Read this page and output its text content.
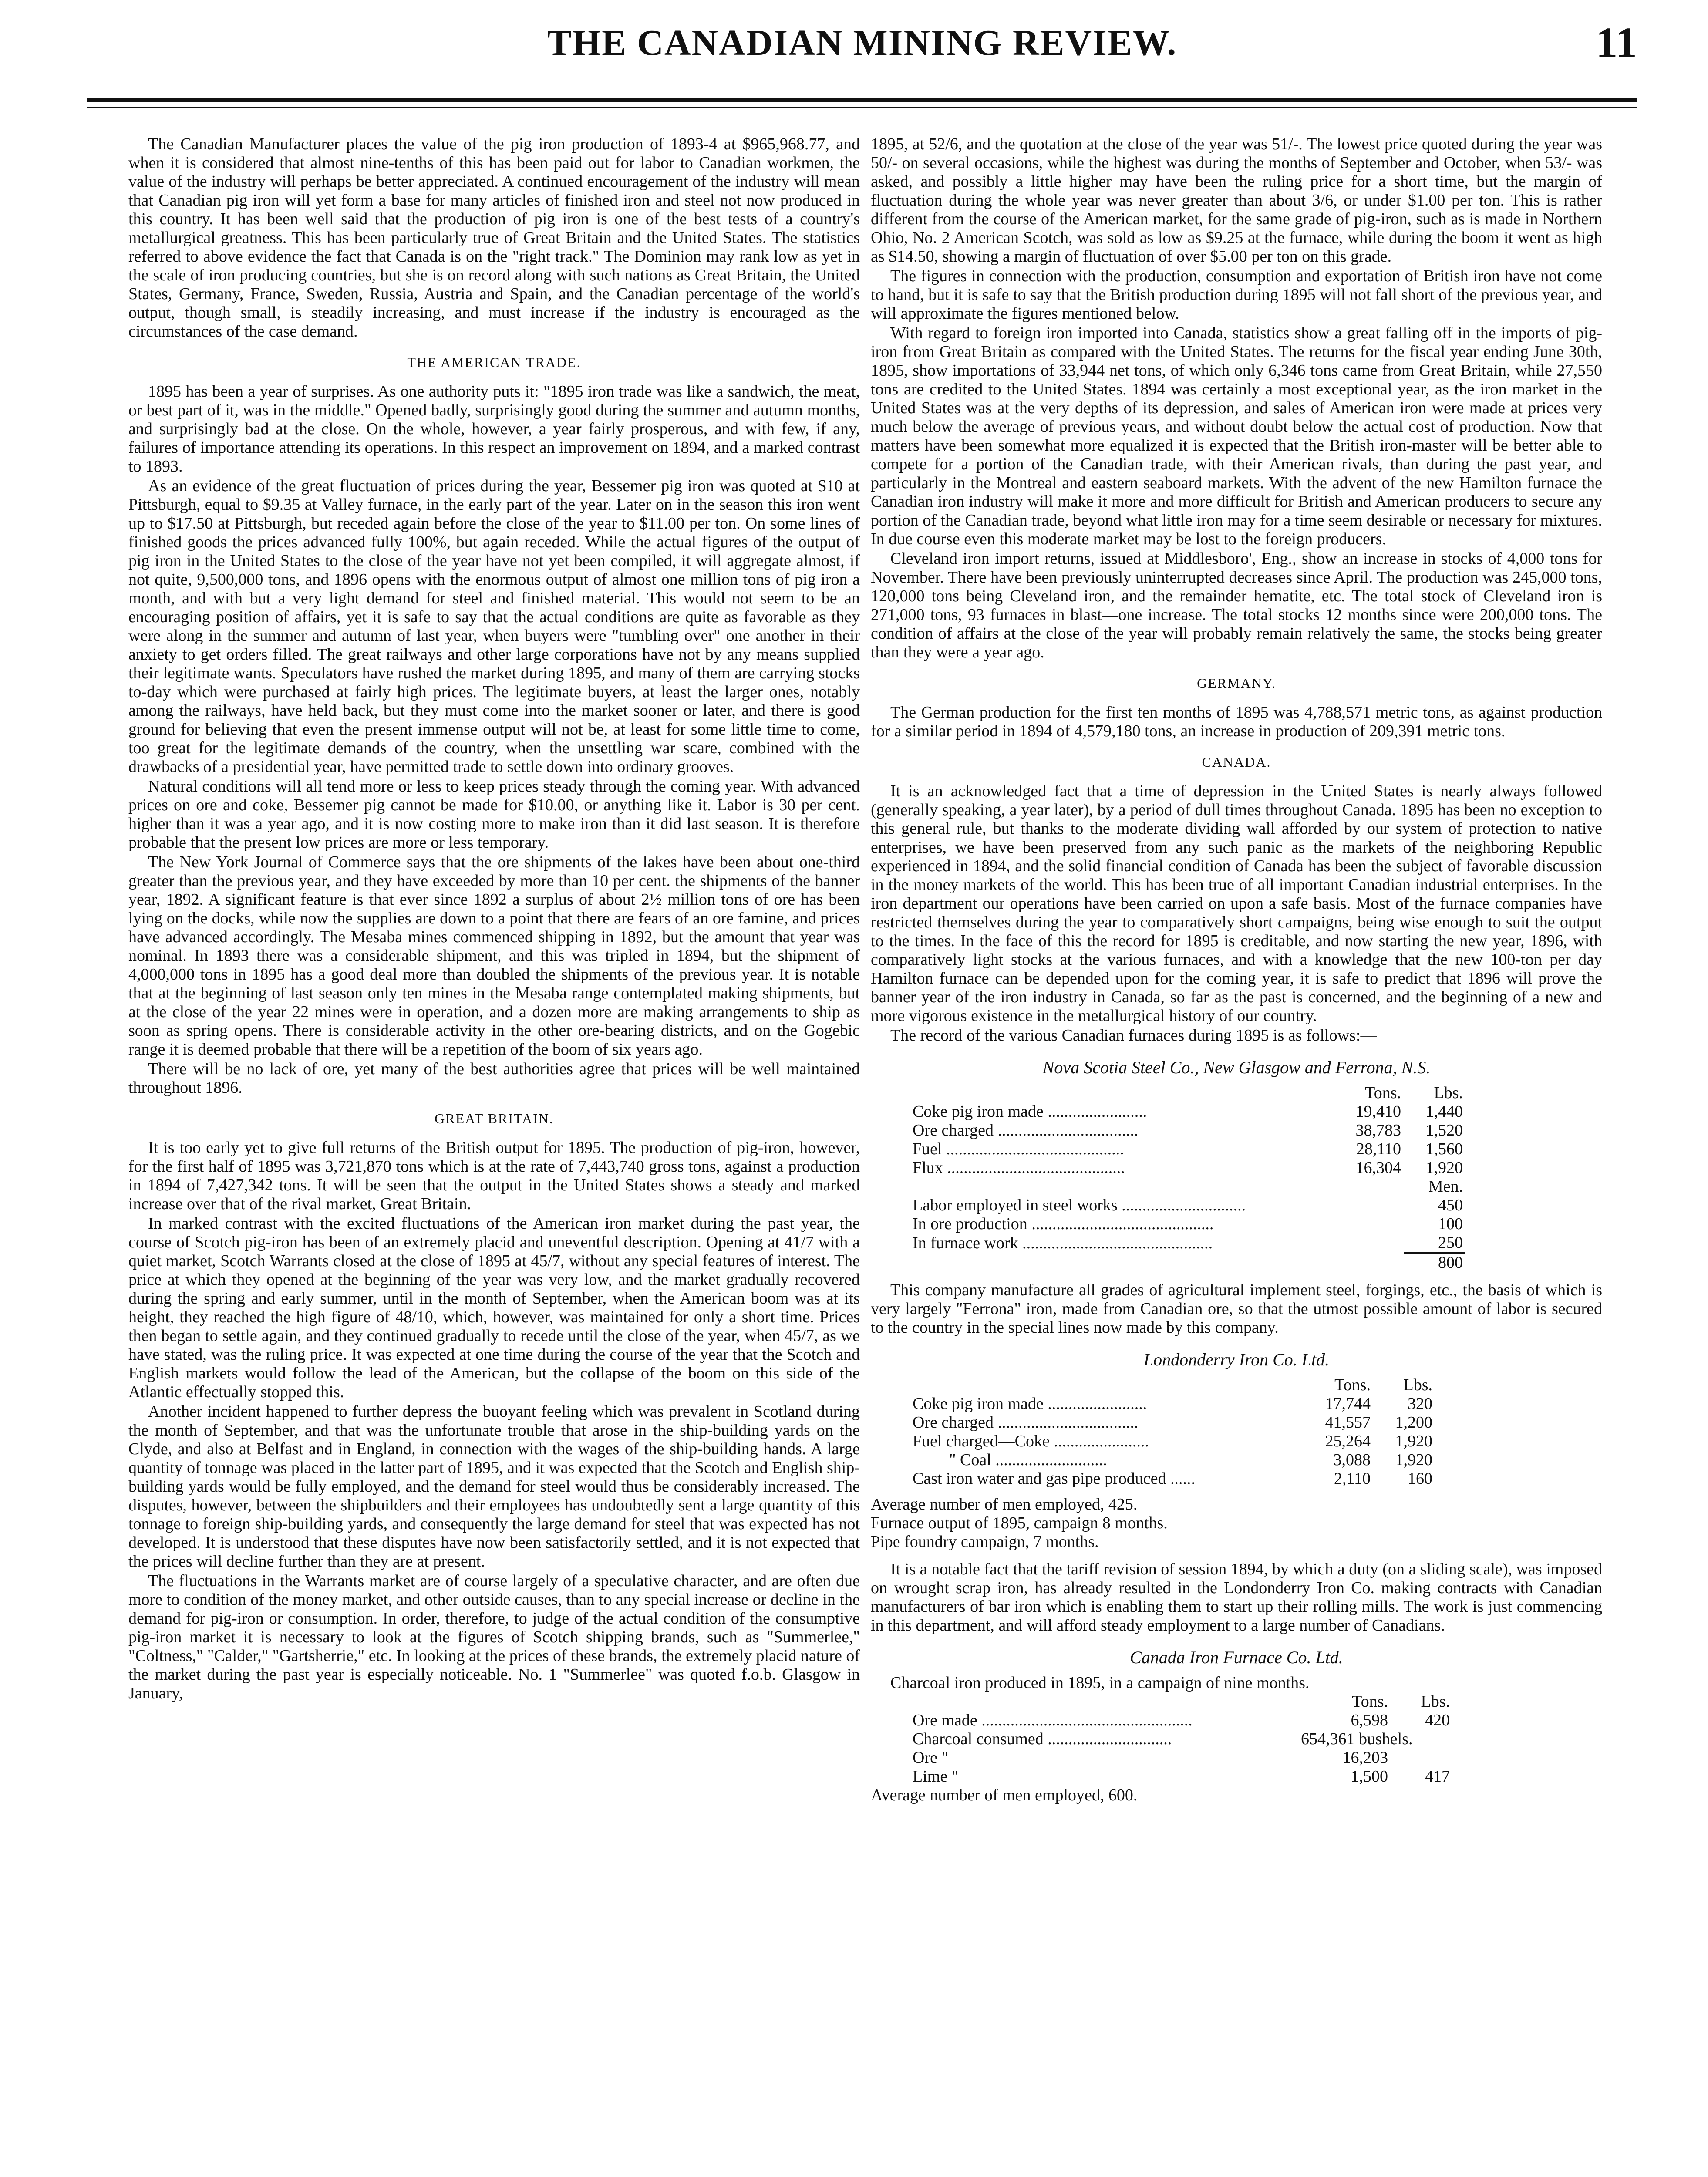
THE CANADIAN MINING REVIEW.	11

The Canadian Manufacturer places the value of the pig iron production of 1893-4 at $965,968.77, and when it is considered that almost nine-tenths of this has been paid out for labor to Canadian workmen, the value of the industry will perhaps be better appreciated. A continued encouragement of the industry will mean that Canadian pig iron will yet form a base for many articles of finished iron and steel not now produced in this country. It has been well said that the production of pig iron is one of the best tests of a country's metallurgical greatness. This has been particularly true of Great Britain and the United States. The statistics referred to above evidence the fact that Canada is on the "right track." The Dominion may rank low as yet in the scale of iron producing countries, but she is on record along with such nations as Great Britain, the United States, Germany, France, Sweden, Russia, Austria and Spain, and the Canadian percentage of the world's output, though small, is steadily increasing, and must increase if the industry is encouraged as the circumstances of the case demand.

THE AMERICAN TRADE.

1895 has been a year of surprises. As one authority puts it: "1895 iron trade was like a sandwich, the meat, or best part of it, was in the middle." Opened badly, surprisingly good during the summer and autumn months, and surprisingly bad at the close. On the whole, however, a year fairly prosperous, and with few, if any, failures of importance attending its operations. In this respect an improvement on 1894, and a marked contrast to 1893.

As an evidence of the great fluctuation of prices during the year, Bessemer pig iron was quoted at $10 at Pittsburgh, equal to $9.35 at Valley furnace, in the early part of the year. Later on in the season this iron went up to $17.50 at Pittsburgh, but receded again before the close of the year to $11.00 per ton. On some lines of finished goods the prices advanced fully 100%, but again receded. While the actual figures of the output of pig iron in the United States to the close of the year have not yet been compiled, it will aggregate almost, if not quite, 9,500,000 tons, and 1896 opens with the enormous output of almost one million tons of pig iron a month, and with but a very light demand for steel and finished material. This would not seem to be an encouraging position of affairs, yet it is safe to say that the actual conditions are quite as favorable as they were along in the summer and autumn of last year, when buyers were "tumbling over" one another in their anxiety to get orders filled. The great railways and other large corporations have not by any means supplied their legitimate wants. Speculators have rushed the market during 1895, and many of them are carrying stocks to-day which were purchased at fairly high prices. The legitimate buyers, at least the larger ones, notably among the railways, have held back, but they must come into the market sooner or later, and there is good ground for believing that even the present immense output will not be, at least for some little time to come, too great for the legitimate demands of the country, when the unsettling war scare, combined with the drawbacks of a presidential year, have permitted trade to settle down into ordinary grooves.

Natural conditions will all tend more or less to keep prices steady through the coming year. With advanced prices on ore and coke, Bessemer pig cannot be made for $10.00, or anything like it. Labor is 30 per cent. higher than it was a year ago, and it is now costing more to make iron than it did last season. It is therefore probable that the present low prices are more or less temporary.

The New York Journal of Commerce says that the ore shipments of the lakes have been about one-third greater than the previous year, and they have exceeded by more than 10 per cent. the shipments of the banner year, 1892. A significant feature is that ever since 1892 a surplus of about 2½ million tons of ore has been lying on the docks, while now the supplies are down to a point that there are fears of an ore famine, and prices have advanced accordingly. The Mesaba mines commenced shipping in 1892, but the amount that year was nominal. In 1893 there was a considerable shipment, and this was tripled in 1894, but the shipment of 4,000,000 tons in 1895 has a good deal more than doubled the shipments of the previous year. It is notable that at the beginning of last season only ten mines in the Mesaba range contemplated making shipments, but at the close of the year 22 mines were in operation, and a dozen more are making arrangements to ship as soon as spring opens. There is considerable activity in the other ore-bearing districts, and on the Gogebic range it is deemed probable that there will be a repetition of the boom of six years ago.

There will be no lack of ore, yet many of the best authorities agree that prices will be well maintained throughout 1896.

GREAT BRITAIN.

It is too early yet to give full returns of the British output for 1895. The production of pig-iron, however, for the first half of 1895 was 3,721,870 tons which is at the rate of 7,443,740 gross tons, against a production in 1894 of 7,427,342 tons. It will be seen that the output in the United States shows a steady and marked increase over that of the rival market, Great Britain.

In marked contrast with the excited fluctuations of the American iron market during the past year, the course of Scotch pig-iron has been of an extremely placid and uneventful description. Opening at 41/7 with a quiet market, Scotch Warrants closed at the close of 1895 at 45/7, without any special features of interest. The price at which they opened at the beginning of the year was very low, and the market gradually recovered during the spring and early summer, until in the month of September, when the American boom was at its height, they reached the high figure of 48/10, which, however, was maintained for only a short time. Prices then began to settle again, and they continued gradually to recede until the close of the year, when 45/7, as we have stated, was the ruling price. It was expected at one time during the course of the year that the Scotch and English markets would follow the lead of the American, but the collapse of the boom on this side of the Atlantic effectually stopped this.

Another incident happened to further depress the buoyant feeling which was prevalent in Scotland during the month of September, and that was the unfortunate trouble that arose in the ship-building yards on the Clyde, and also at Belfast and in England, in connection with the wages of the ship-building hands. A large quantity of tonnage was placed in the latter part of 1895, and it was expected that the Scotch and English ship-building yards would be fully employed, and the demand for steel would thus be considerably increased. The disputes, however, between the shipbuilders and their employees has undoubtedly sent a large quantity of this tonnage to foreign ship-building yards, and consequently the large demand for steel that was expected has not developed. It is understood that these disputes have now been satisfactorily settled, and it is not expected that the prices will decline further than they are at present.

The fluctuations in the Warrants market are of course largely of a speculative character, and are often due more to condition of the money market, and other outside causes, than to any special increase or decline in the demand for pig-iron or consumption. In order, therefore, to judge of the actual condition of the consumptive pig-iron market it is necessary to look at the figures of Scotch shipping brands, such as "Summerlee," "Coltness," "Calder," "Gartsherrie," etc. In looking at the prices of these brands, the extremely placid nature of the market during the past year is especially noticeable. No. 1 "Summerlee" was quoted f.o.b. Glasgow in January,

1895, at 52/6, and the quotation at the close of the year was 51/-. The lowest price quoted during the year was 50/- on several occasions, while the highest was during the months of September and October, when 53/- was asked, and possibly a little higher may have been the ruling price for a short time, but the margin of fluctuation during the whole year was never greater than about 3/6, or under $1.00 per ton. This is rather different from the course of the American market, for the same grade of pig-iron, such as is made in Northern Ohio, No. 2 American Scotch, was sold as low as $9.25 at the furnace, while during the boom it went as high as $14.50, showing a margin of fluctuation of over $5.00 per ton on this grade.

The figures in connection with the production, consumption and exportation of British iron have not come to hand, but it is safe to say that the British production during 1895 will not fall short of the previous year, and will approximate the figures mentioned below.

With regard to foreign iron imported into Canada, statistics show a great falling off in the imports of pig-iron from Great Britain as compared with the United States. The returns for the fiscal year ending June 30th, 1895, show importations of 33,944 net tons, of which only 6,346 tons came from Great Britain, while 27,550 tons are credited to the United States. 1894 was certainly a most exceptional year, as the iron market in the United States was at the very depths of its depression, and sales of American iron were made at prices very much below the average of previous years, and without doubt below the actual cost of production. Now that matters have been somewhat more equalized it is expected that the British iron-master will be better able to compete for a portion of the Canadian trade, with their American rivals, than during the past year, and particularly in the Montreal and eastern seaboard markets. With the advent of the new Hamilton furnace the Canadian iron industry will make it more and more difficult for British and American producers to secure any portion of the Canadian trade, beyond what little iron may for a time seem desirable or necessary for mixtures. In due course even this moderate market may be lost to the foreign producers.

Cleveland iron import returns, issued at Middlesboro', Eng., show an increase in stocks of 4,000 tons for November. There have been previously uninterrupted decreases since April. The production was 245,000 tons, 120,000 tons being Cleveland iron, and the remainder hematite, etc. The total stock of Cleveland iron is 271,000 tons, 93 furnaces in blast—one increase. The total stocks 12 months since were 200,000 tons. The condition of affairs at the close of the year will probably remain relatively the same, the stocks being greater than they were a year ago.

GERMANY.

The German production for the first ten months of 1895 was 4,788,571 metric tons, as against production for a similar period in 1894 of 4,579,180 tons, an increase in production of 209,391 metric tons.

CANADA.

It is an acknowledged fact that a time of depression in the United States is nearly always followed (generally speaking, a year later), by a period of dull times throughout Canada. 1895 has been no exception to this general rule, but thanks to the moderate dividing wall afforded by our system of protection to native enterprises, we have been preserved from any such panic as the markets of the neighboring Republic experienced in 1894, and the solid financial condition of Canada has been the subject of favorable discussion in the money markets of the world. This has been true of all important Canadian industrial enterprises. In the iron department our operations have been carried on upon a safe basis. Most of the furnace companies have restricted themselves during the year to comparatively short campaigns, being wise enough to suit the output to the times. In the face of this the record for 1895 is creditable, and now starting the new year, 1896, with comparatively light stocks at the various furnaces, and with a knowledge that the new 100-ton per day Hamilton furnace can be depended upon for the coming year, it is safe to predict that 1896 will prove the banner year of the iron industry in Canada, so far as the past is concerned, and the beginning of a new and more vigorous existence in the metallurgical history of our country.

The record of the various Canadian furnaces during 1895 is as follows:—

Nova Scotia Steel Co., New Glasgow and Ferrona, N.S.
	Tons.	Lbs.
Coke pig iron made ........................	19,410	1,440
Ore charged ..................................	38,783	1,520
Fuel ...........................................	28,110	1,560
Flux ...........................................	16,304	1,920
		Men.
Labor employed in steel works ..............................		450
In ore production ............................................		100
In furnace work ..............................................		250
		800

This company manufacture all grades of agricultural implement steel, forgings, etc., the basis of which is very largely "Ferrona" iron, made from Canadian ore, so that the utmost possible amount of labor is secured to the country in the special lines now made by this company.

Londonderry Iron Co. Ltd.
	Tons.	Lbs.
Coke pig iron made ........................	17,744	320
Ore charged ..................................	41,557	1,200
Fuel charged—Coke .......................	25,264	1,920
" Coal ...........................	3,088	1,920
Cast iron water and gas pipe produced ......	2,110	160

Average number of men employed, 425.

Furnace output of 1895, campaign 8 months.

Pipe foundry campaign, 7 months.

It is a notable fact that the tariff revision of session 1894, by which a duty (on a sliding scale), was imposed on wrought scrap iron, has already resulted in the Londonderry Iron Co. making contracts with Canadian manufacturers of bar iron which is enabling them to start up their rolling mills. The work is just commencing in this department, and will afford steady employment to a large number of Canadians.

Canada Iron Furnace Co. Ltd.

Charcoal iron produced in 1895, in a campaign of nine months.

	Tons.	Lbs.
Ore made ...................................................	6,598	420
Charcoal consumed ..............................	654,361 bushels.	
Ore "	16,203	
Lime "	1,500	417

Average number of men employed, 600.
